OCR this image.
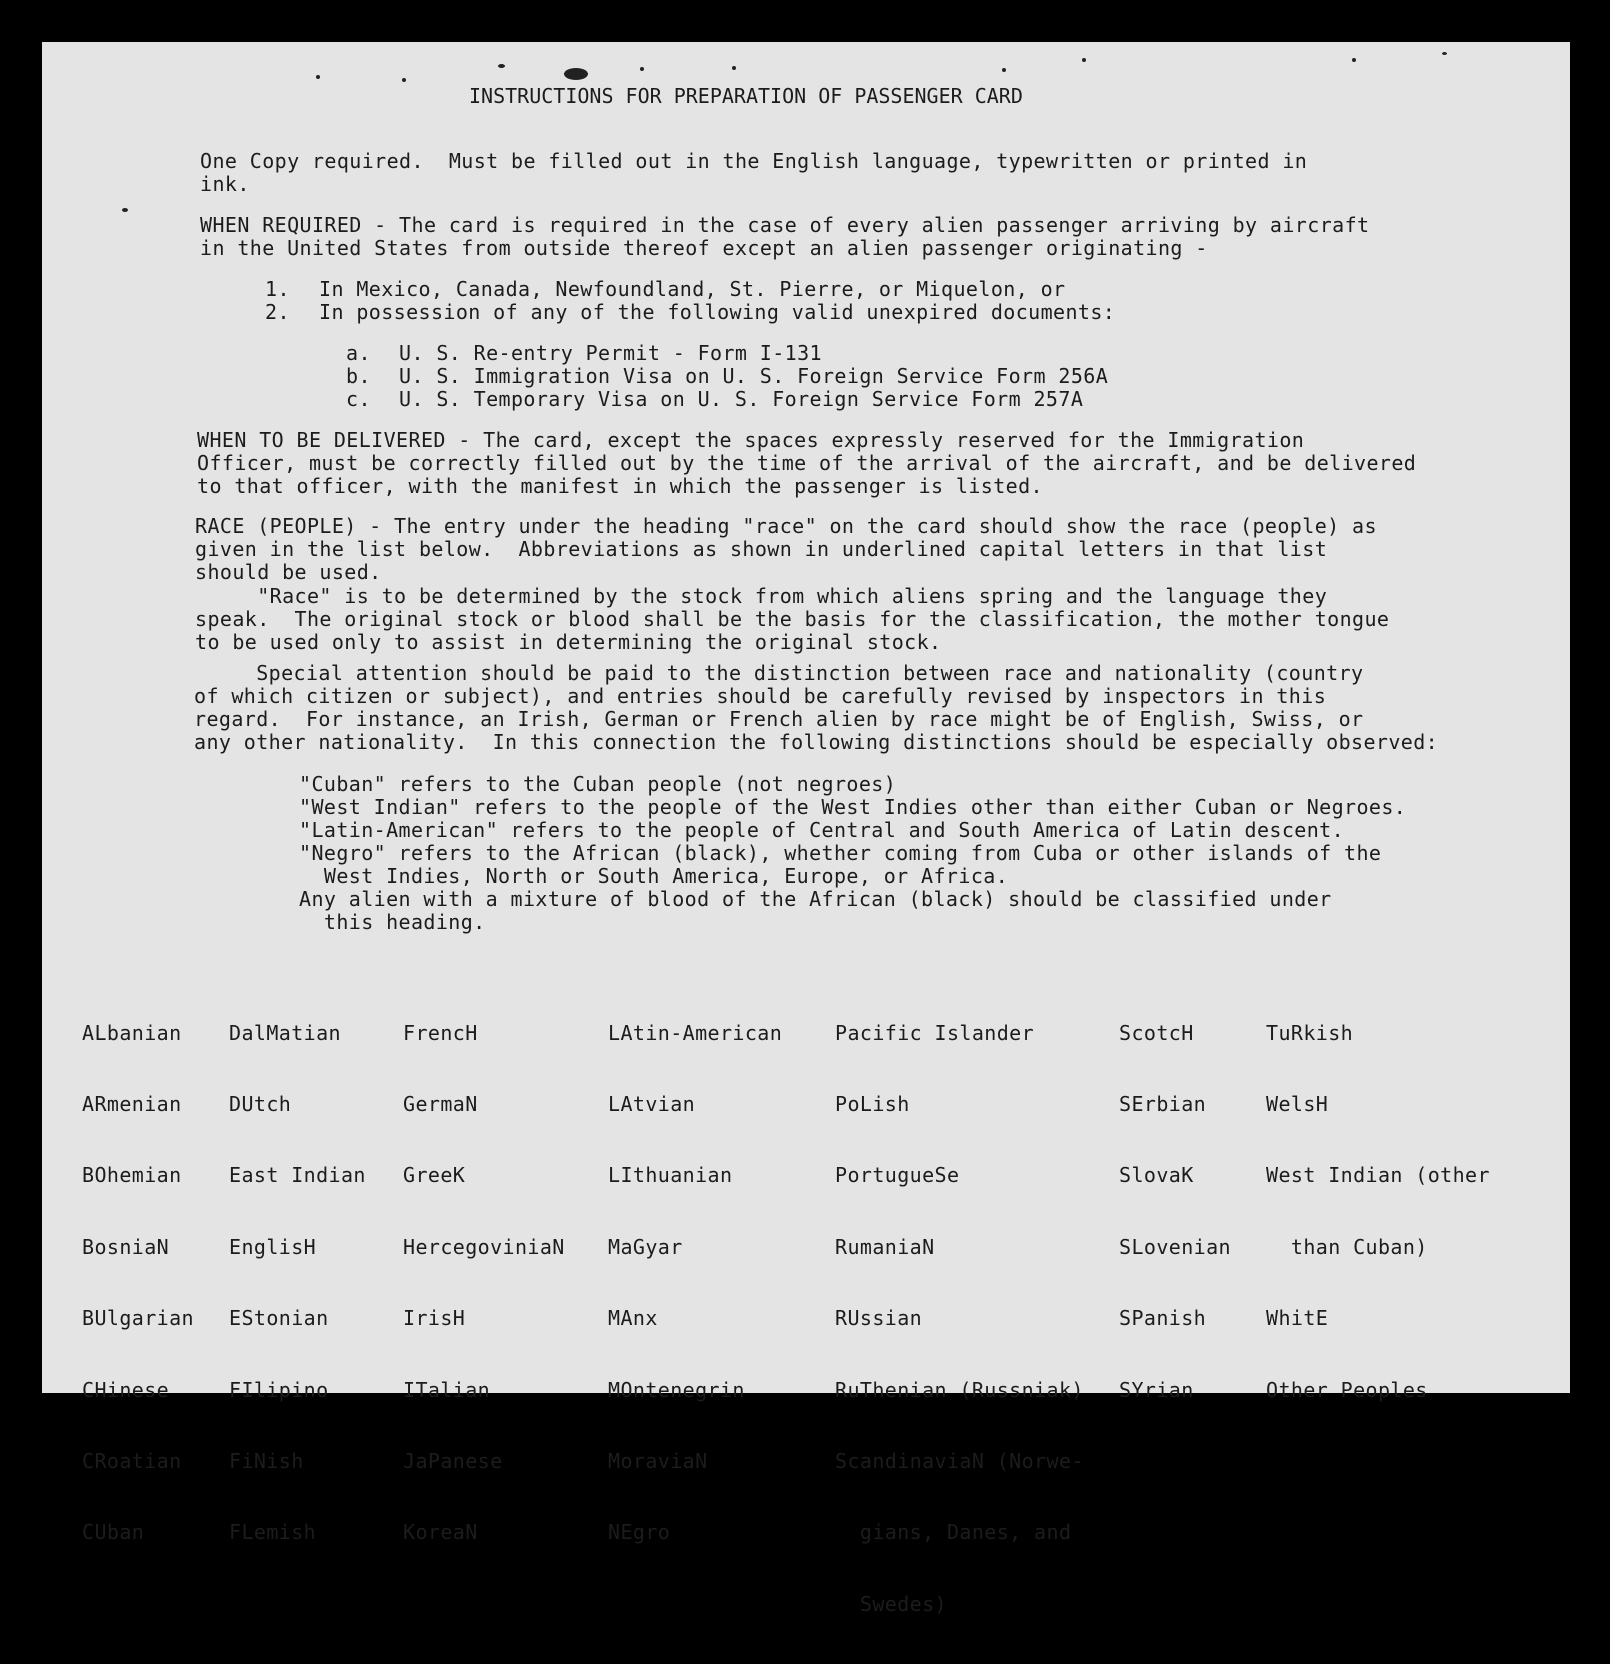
INSTRUCTIONS FOR PREPARATION OF PASSENGER CARD
One Copy required.  Must be filled out in the English language, typewritten or printed in
ink.
WHEN REQUIRED - The card is required in the case of every alien passenger arriving by aircraft
in the United States from outside thereof except an alien passenger originating -
1. In Mexico, Canada, Newfoundland, St. Pierre, or Miquelon, or
2. In possession of any of the following valid unexpired documents:
a. U. S. Re-entry Permit - Form I-131
b. U. S. Immigration Visa on U. S. Foreign Service Form 256A
c. U. S. Temporary Visa on U. S. Foreign Service Form 257A
WHEN TO BE DELIVERED - The card, except the spaces expressly reserved for the Immigration
Officer, must be correctly filled out by the time of the arrival of the aircraft, and be delivered
to that officer, with the manifest in which the passenger is listed.
RACE (PEOPLE) - The entry under the heading "race" on the card should show the race (people) as
given in the list below.  Abbreviations as shown in underlined capital letters in that list
should be used.
"Race" is to be determined by the stock from which aliens spring and the language they
speak.  The original stock or blood shall be the basis for the classification, the mother tongue
to be used only to assist in determining the original stock.
Special attention should be paid to the distinction between race and nationality (country
of which citizen or subject), and entries should be carefully revised by inspectors in this
regard.  For instance, an Irish, German or French alien by race might be of English, Swiss, or
any other nationality.  In this connection the following distinctions should be especially observed:
"Cuban" refers to the Cuban people (not negroes)
"West Indian" refers to the people of the West Indies other than either Cuban or Negroes.
"Latin-American" refers to the people of Central and South America of Latin descent.
"Negro" refers to the African (black), whether coming from Cuba or other islands of the
West Indies, North or South America, Europe, or Africa.
Any alien with a mixture of blood of the African (black) should be classified under
this heading.

ALbanian

ARmenian

BOhemian

BosniaN

BUlgarian

CHinese

CRoatian

CUban

DalMatian

DUtch

East Indian

EnglisH

EStonian

FIlipino

FiNish

FLemish

FrencH

GermaN

GreeK

HercegoviniaN

IrisH

ITalian

JaPanese

KoreaN

LAtin-American

LAtvian

LIthuanian

MaGyar

MAnx

MOntenegrin

MoraviaN

NEgro

Pacific Islander

PoLish

PortugueSe

RumaniaN

RUssian

RuThenian (Russniak)

ScandinaviaN (Norwe-

gians, Danes, and

Swedes)

ScotcH

SErbian

SlovaK

SLovenian

SPanish

SYrian

TuRkish

WelsH

West Indian (other

than Cuban)

WhitE

Other Peoples
